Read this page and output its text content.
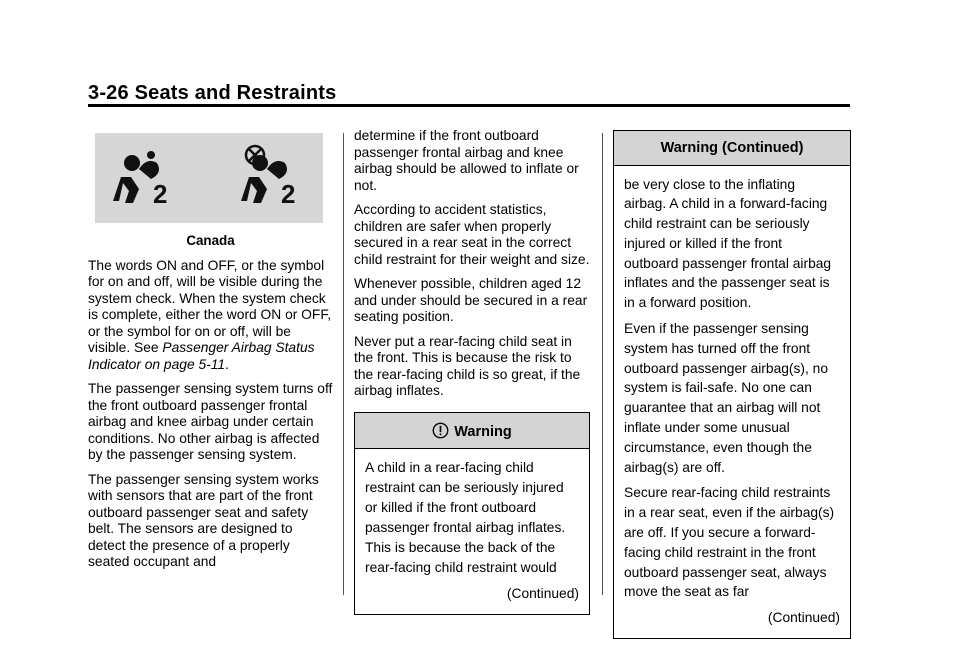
3-26 Seats and Restraints
2	2
Canada

The words ON and OFF, or the symbol for on and off, will be visible during the system check. When the system check is complete, either the word ON or OFF, or the symbol for on or off, will be visible. See Passenger Airbag Status Indicator on page 5-11.

The passenger sensing system turns off the front outboard passenger frontal airbag and knee airbag under certain conditions. No other airbag is affected by the passenger sensing system.

The passenger sensing system works with sensors that are part of the front outboard passenger seat and safety belt. The sensors are designed to detect the presence of a properly seated occupant and

determine if the front outboard passenger frontal airbag and knee airbag should be allowed to inflate or not.

According to accident statistics, children are safer when properly secured in a rear seat in the correct child restraint for their weight and size.

Whenever possible, children aged 12 and under should be secured in a rear seating position.

Never put a rear-facing child seat in the front. This is because the risk to the rear-facing child is so great, if the airbag inflates.

Warning

A child in a rear-facing child restraint can be seriously injured or killed if the front outboard passenger frontal airbag inflates. This is because the back of the rear-facing child restraint would

(Continued)

Warning (Continued)

be very close to the inflating airbag. A child in a forward-facing child restraint can be seriously injured or killed if the front outboard passenger frontal airbag inflates and the passenger seat is in a forward position.

Even if the passenger sensing system has turned off the front outboard passenger airbag(s), no system is fail-safe. No one can guarantee that an airbag will not inflate under some unusual circumstance, even though the airbag(s) are off.

Secure rear-facing child restraints in a rear seat, even if the airbag(s) are off. If you secure a forward-facing child restraint in the front outboard passenger seat, always move the seat as far

(Continued)
